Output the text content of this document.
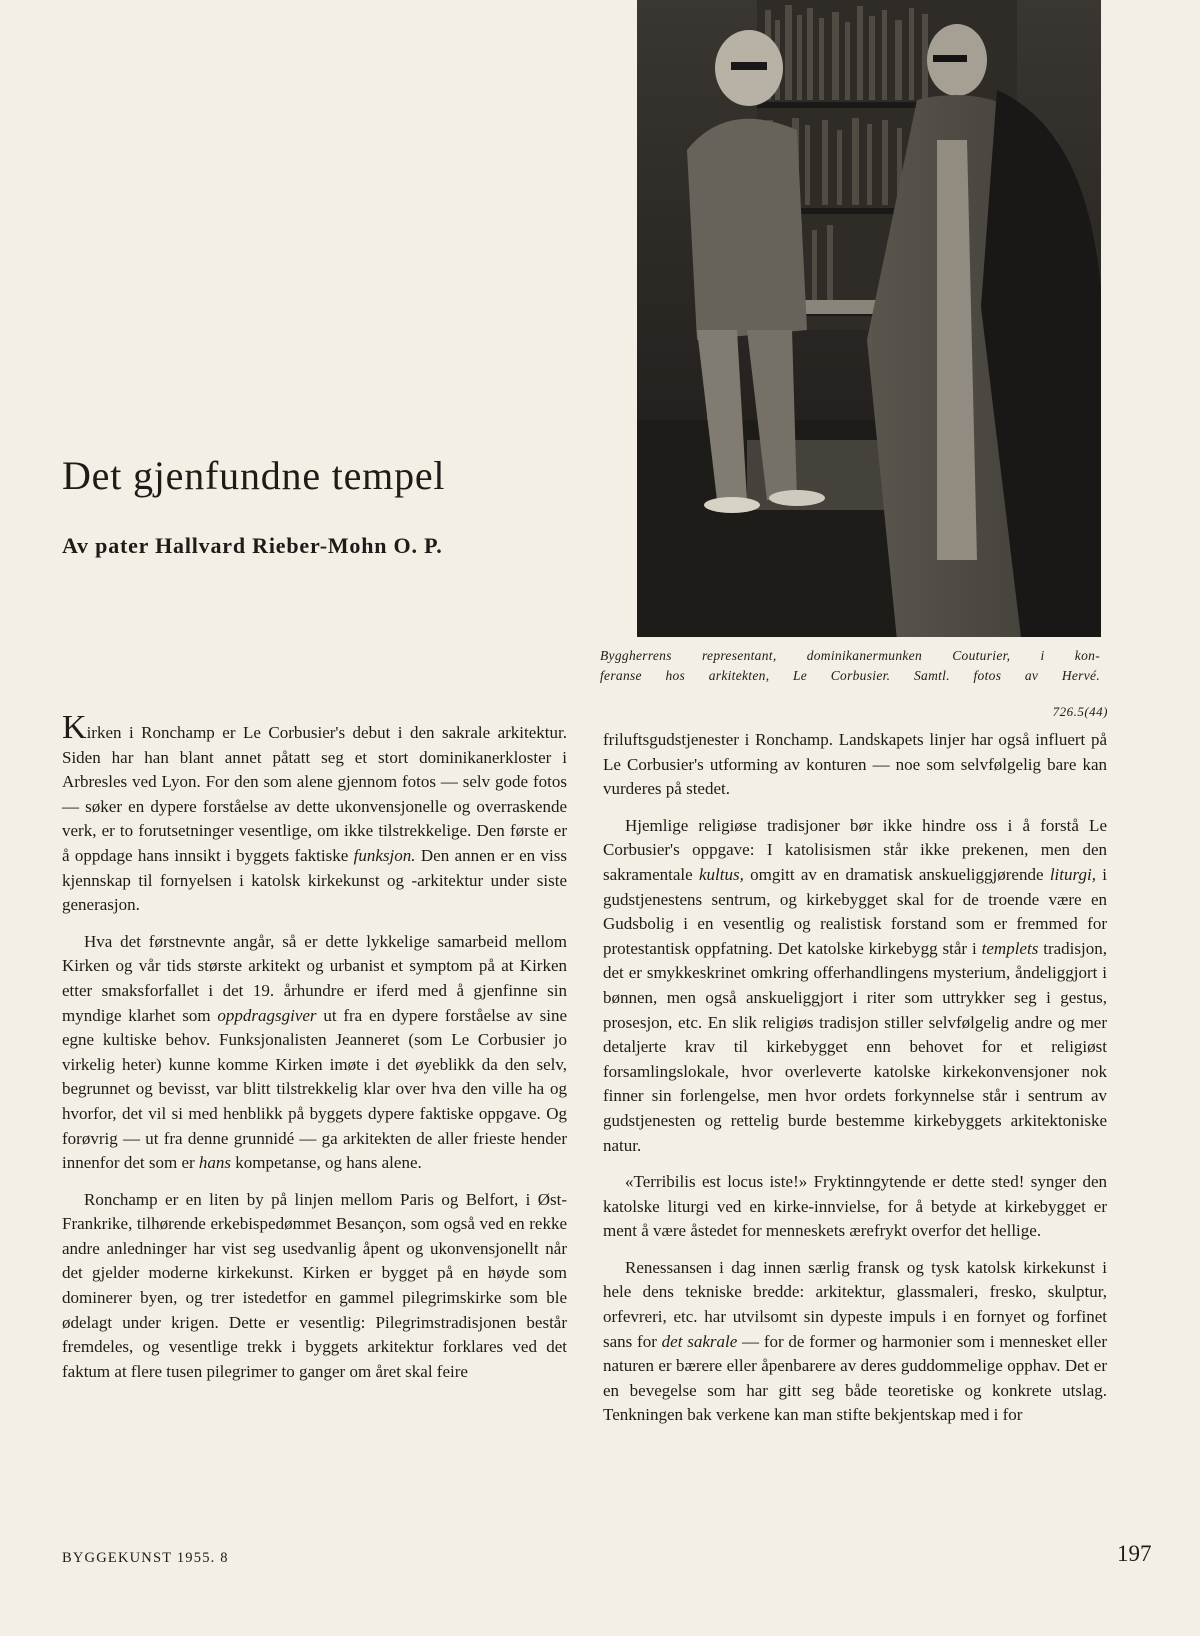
Byggherrens representant, dominikanermunken Couturier, i kon-
feranse hos arkitekten, Le Corbusier. Samtl. fotos av Hervé.
726.5(44)
Det gjenfundne tempel
Av pater Hallvard Rieber-Mohn O. P.

Kirken i Ronchamp er Le Corbusier's debut i den sakrale arkitektur. Siden har han blant annet påtatt seg et stort dominikanerkloster i Arbresles ved Lyon. For den som alene gjennom fotos — selv gode fotos — søker en dypere forståelse av dette ukonvensjonelle og overraskende verk, er to forutsetninger vesentlige, om ikke tilstrekkelige. Den første er å oppdage hans innsikt i byggets faktiske funksjon. Den annen er en viss kjennskap til fornyelsen i katolsk kirkekunst og -arkitektur under siste generasjon.

Hva det førstnevnte angår, så er dette lykkelige samarbeid mellom Kirken og vår tids største arkitekt og urbanist et symptom på at Kirken etter smaksforfallet i det 19. århundre er iferd med å gjenfinne sin myndige klarhet som oppdragsgiver ut fra en dypere forståelse av sine egne kultiske behov. Funksjonalisten Jeanneret (som Le Corbusier jo virkelig heter) kunne komme Kirken imøte i det øyeblikk da den selv, begrunnet og bevisst, var blitt tilstrekkelig klar over hva den ville ha og hvorfor, det vil si med henblikk på byggets dypere faktiske oppgave. Og forøvrig — ut fra denne grunnidé — ga arkitekten de aller frieste hender innenfor det som er hans kompetanse, og hans alene.

Ronchamp er en liten by på linjen mellom Paris og Belfort, i Øst-Frankrike, tilhørende erkebispedømmet Besançon, som også ved en rekke andre anledninger har vist seg usedvanlig åpent og ukonvensjonellt når det gjelder moderne kirkekunst. Kirken er bygget på en høyde som dominerer byen, og trer istedetfor en gammel pilegrimskirke som ble ødelagt under krigen. Dette er vesentlig: Pilegrimstradisjonen består fremdeles, og vesentlige trekk i byggets arkitektur forklares ved det faktum at flere tusen pilegrimer to ganger om året skal feire

friluftsgudstjenester i Ronchamp. Landskapets linjer har også influert på Le Corbusier's utforming av konturen — noe som selvfølgelig bare kan vurderes på stedet.

Hjemlige religiøse tradisjoner bør ikke hindre oss i å forstå Le Corbusier's oppgave: I katolisismen står ikke prekenen, men den sakramentale kultus, omgitt av en dramatisk anskueliggjørende liturgi, i gudstjenestens sentrum, og kirkebygget skal for de troende være en Gudsbolig i en vesentlig og realistisk forstand som er fremmed for protestantisk oppfatning. Det katolske kirkebygg står i templets tradisjon, det er smykkeskrinet omkring offerhandlingens mysterium, åndeliggjort i bønnen, men også anskueliggjort i riter som uttrykker seg i gestus, prosesjon, etc. En slik religiøs tradisjon stiller selvfølgelig andre og mer detaljerte krav til kirkebygget enn behovet for et religiøst forsamlingslokale, hvor overleverte katolske kirkekonvensjoner nok finner sin forlengelse, men hvor ordets forkynnelse står i sentrum av gudstjenesten og rettelig burde bestemme kirkebyggets arkitektoniske natur.

«Terribilis est locus iste!» Fryktinngytende er dette sted! synger den katolske liturgi ved en kirke-innvielse, for å betyde at kirkebygget er ment å være åstedet for menneskets ærefrykt overfor det hellige.

Renessansen i dag innen særlig fransk og tysk katolsk kirkekunst i hele dens tekniske bredde: arkitektur, glassmaleri, fresko, skulptur, orfevreri, etc. har utvilsomt sin dypeste impuls i en fornyet og forfinet sans for det sakrale — for de former og harmonier som i mennesket eller naturen er bærere eller åpenbarere av deres guddommelige opphav. Det er en bevegelse som har gitt seg både teoretiske og konkrete utslag. Tenkningen bak verkene kan man stifte bekjentskap med i for

BYGGEKUNST 1955. 8	197
